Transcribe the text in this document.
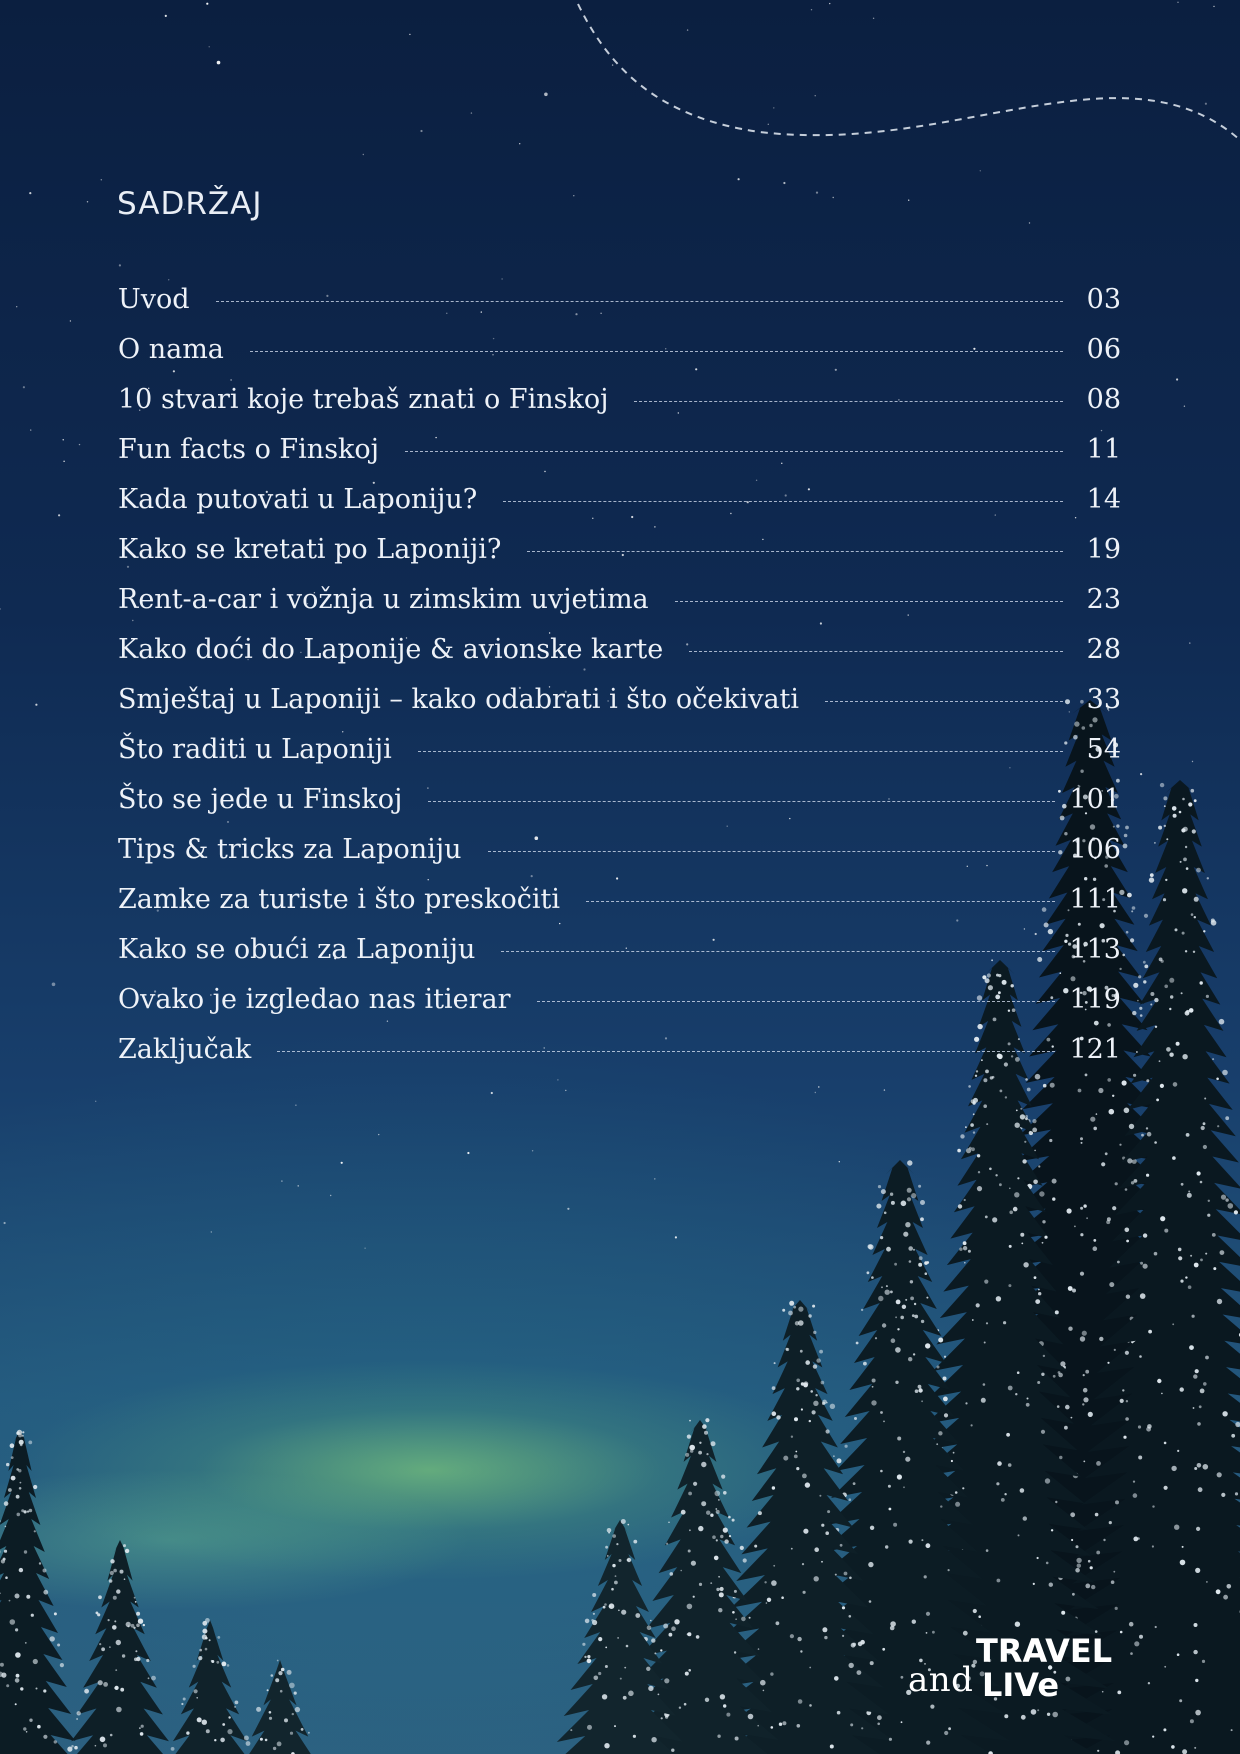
SADRŽAJ
Uvod	03
O nama	06
10 stvari koje trebaš znati o Finskoj	08
Fun facts o Finskoj	11
Kada putovati u Laponiju?	14
Kako se kretati po Laponiji?	19
Rent-a-car i vožnja u zimskim uvjetima	23
Kako doći do Laponije & avionske karte	28
Smještaj u Laponiji – kako odabrati i što očekivati	33
Što raditi u Laponiji	54
Što se jede u Finskoj	101
Tips & tricks za Laponiju	106
Zamke za turiste i što preskočiti	111
Kako se obući za Laponiju	113
Ovako je izgledao nas itierar	119
Zaključak	121
and
TRAVEL
LIVe
